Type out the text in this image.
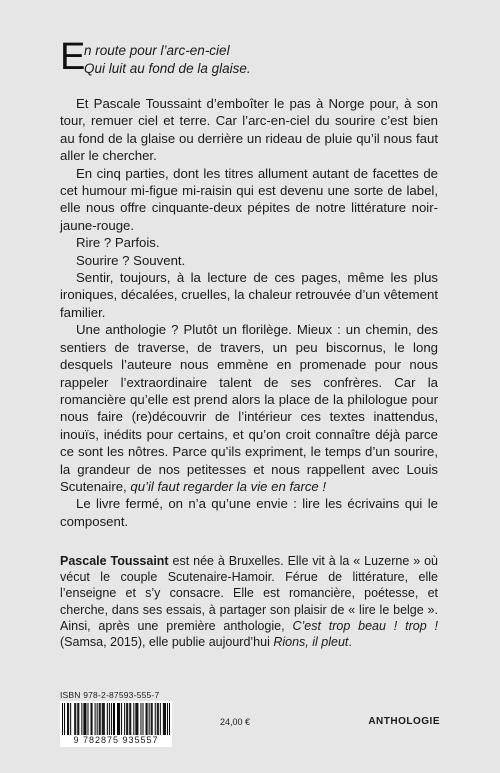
E
n route pour l’arc-en-ciel
Qui luit au fond de la glaise.

Et Pascale Toussaint d’emboîter le pas à Norge pour, à son tour, remuer ciel et terre. Car l’arc-en-ciel du sourire c’est bien au fond de la glaise ou derrière un rideau de pluie qu’il nous faut aller le chercher.

En cinq parties, dont les titres allument autant de facettes de cet humour mi-figue mi-raisin qui est devenu une sorte de label, elle nous offre cinquante-deux pépites de notre littérature noir-jaune-rouge.

Rire ? Parfois.

Sourire ? Souvent.

Sentir, toujours, à la lecture de ces pages, même les plus ironiques, décalées, cruelles, la chaleur retrouvée d’un vêtement familier.

Une anthologie ? Plutôt un florilège. Mieux : un chemin, des sentiers de traverse, de travers, un peu biscornus, le long desquels l’auteure nous emmène en promenade pour nous rappeler l’extraordinaire talent de ses confrères. Car la romancière qu’elle est prend alors la place de la philologue pour nous faire (re)découvrir de l’intérieur ces textes inattendus, inouïs, inédits pour certains, et qu’on croit connaître déjà parce ce sont les nôtres. Parce qu’ils expriment, le temps d’un sourire, la grandeur de nos petitesses et nous rappellent avec Louis Scutenaire, qu’il faut regarder la vie en farce !

Le livre fermé, on n’a qu’une envie : lire les écrivains qui le composent.

Pascale Toussaint est née à Bruxelles. Elle vit à la « Luzerne » où vécut le couple Scutenaire-Hamoir. Férue de littérature, elle l’enseigne et s’y consacre. Elle est romancière, poétesse, et cherche, dans ses essais, à partager son plaisir de « lire le belge ». Ainsi, après une première anthologie, C’est trop beau ! trop ! (Samsa, 2015), elle publie aujourd’hui Rions, il pleut.

ISBN 978-2-87593-555-7
9 782875 935557
24,00 €	ANTHOLOGIE
